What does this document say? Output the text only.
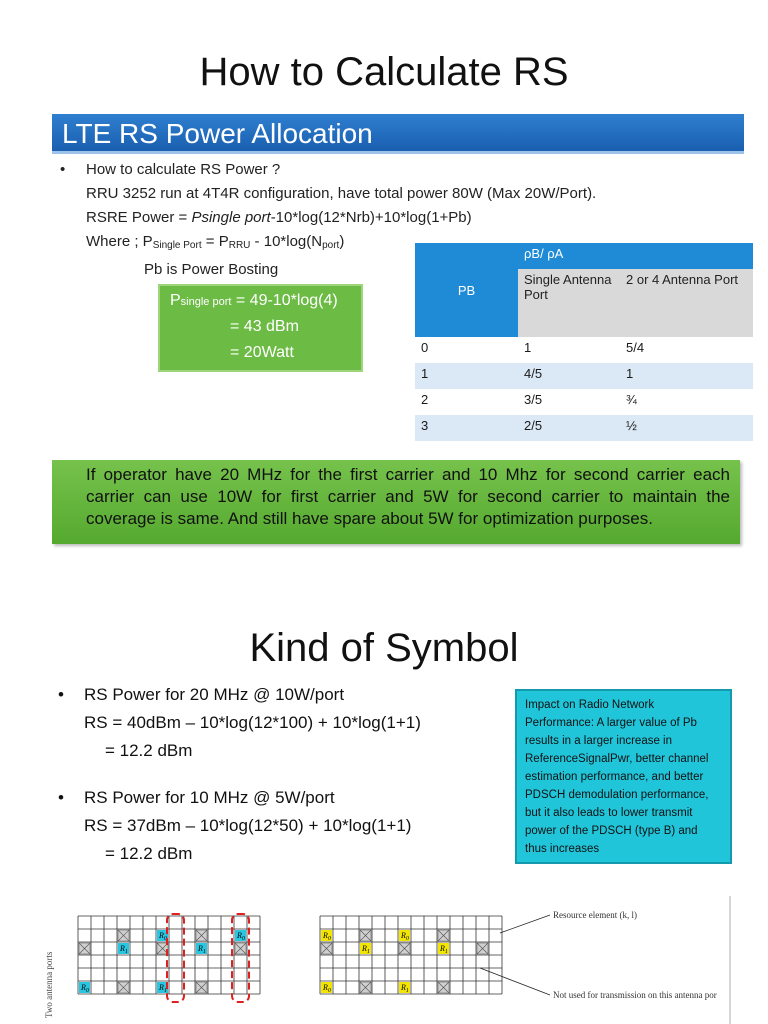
How to Calculate RS
LTE RS Power Allocation
•	How to calculate RS Power ?
RRU 3252 run at 4T4R configuration, have total power 80W (Max 20W/Port).
RSRE Power = Psingle port-10*log(12*Nrb)+10*log(1+Pb)
Where ; $P_{Single Port} = P_{RRU} - 10*\log(N_{port})$
Pb is Power Bosting
Psingle port = 49-10*log(4)
= 43 dBm
= 20Watt
PB	ρB/ ρA	
	Single Antenna Port	2 or 4 Antenna Port
0	1	5/4
1	4/5	1
2	3/5	¾
3	2/5	½
If operator have 20 MHz for the first carrier and 10 Mhz for second carrier each carrier can use 10W for first carrier and 5W for second carrier to maintain the coverage is same. And still have spare about 5W for optimization purposes.
Kind of Symbol
• RS Power for 20 MHz @ 10W/port
RS = 40dBm – 10*log(12*100) + 10*log(1+1)
= 12.2 dBm
• RS Power for 10 MHz @ 5W/port
RS = 37dBm – 10*log(12*50) + 10*log(1+1)
= 12.2 dBm
Impact on Radio Network Performance: A larger value of Pb results in a larger increase in ReferenceSignalPwr, better channel estimation performance, and better PDSCH demodulation performance, but it also leads to lower transmit power of the PDSCH (type B) and thus increases
Two antenna ports
$R_0$	$R_0$
$R_1$	$R_1$
$R_0$	$R_1$
Resource element (k, l)
Not used for transmission on this antenna por
$R_0$	$R_0$
$R_1$	$R_1$
$R_0$	$R_1$
